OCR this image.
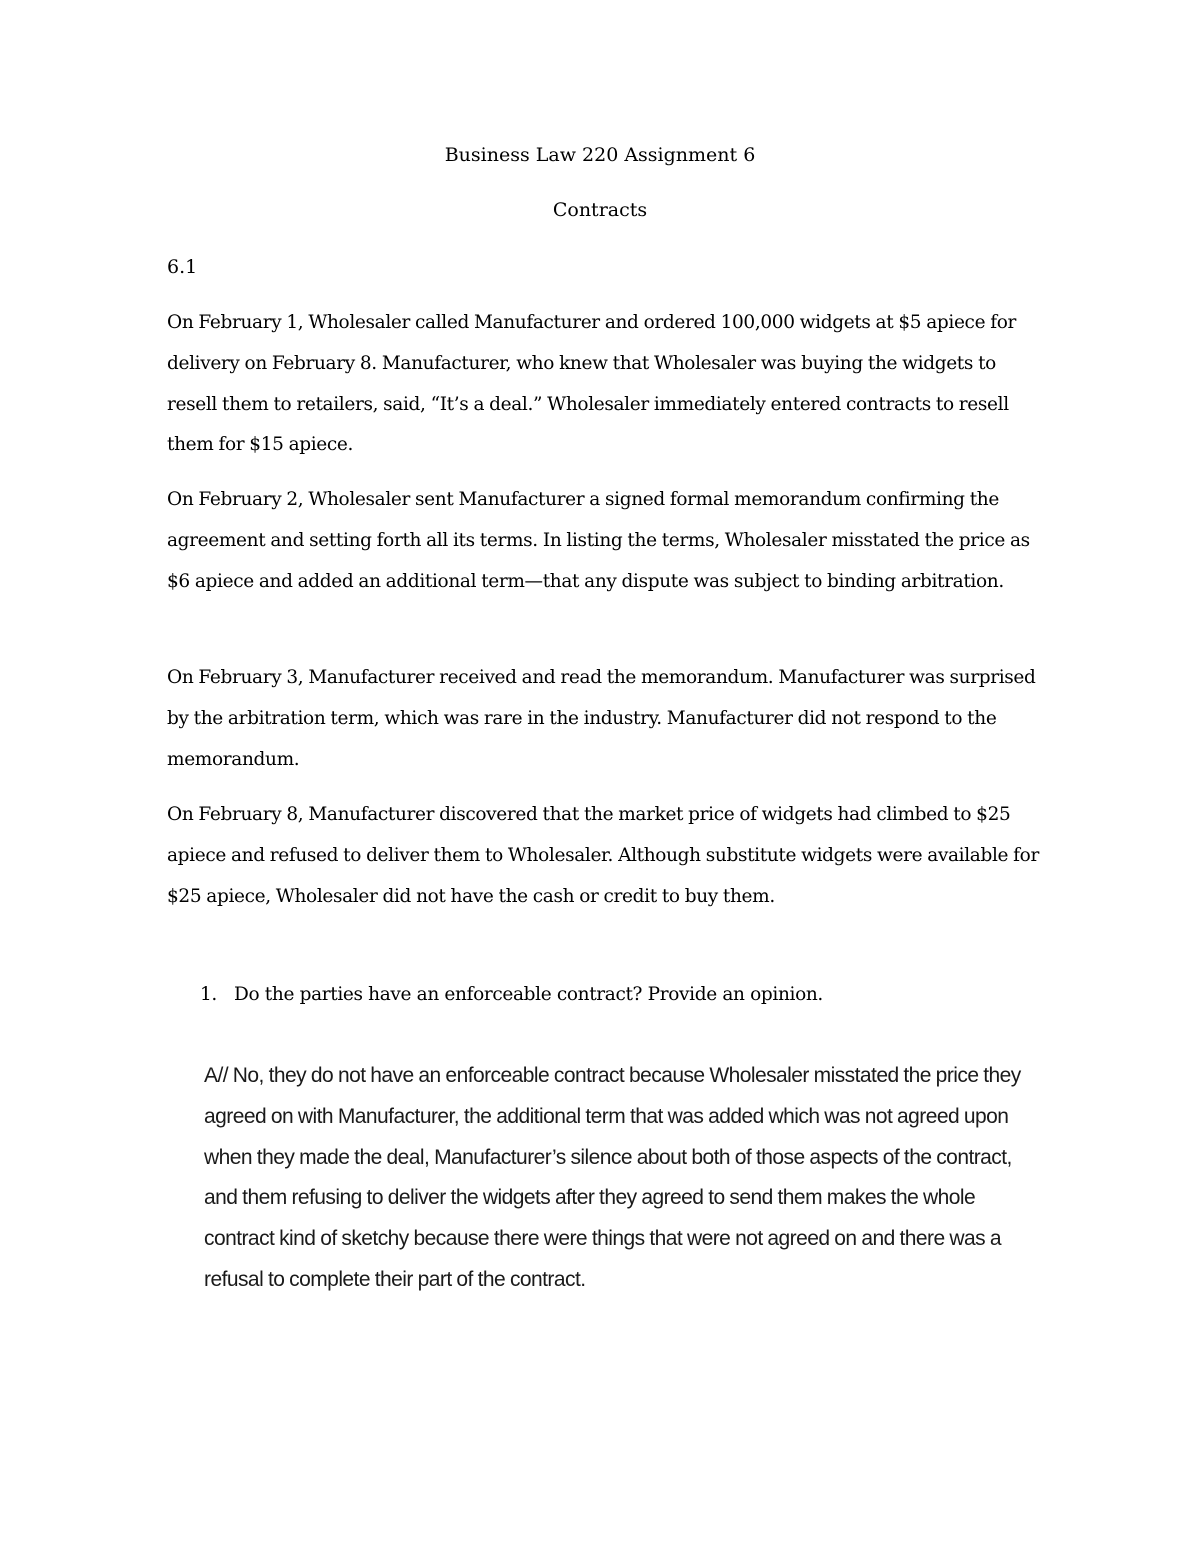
Business Law 220 Assignment 6
Contracts
6.1

On February 1, Wholesaler called Manufacturer and ordered 100,000 widgets at $5 apiece for delivery on February 8. Manufacturer, who knew that Wholesaler was buying the widgets to resell them to retailers, said, “It’s a deal.” Wholesaler immediately entered contracts to resell them for $15 apiece.

On February 2, Wholesaler sent Manufacturer a signed formal memorandum confirming the agreement and setting forth all its terms. In listing the terms, Wholesaler misstated the price as $6 apiece and added an additional term—that any dispute was subject to binding arbitration.

On February 3, Manufacturer received and read the memorandum. Manufacturer was surprised by the arbitration term, which was rare in the industry. Manufacturer did not respond to the memorandum.

On February 8, Manufacturer discovered that the market price of widgets had climbed to $25 apiece and refused to deliver them to Wholesaler. Although substitute widgets were available for $25 apiece, Wholesaler did not have the cash or credit to buy them.

1. Do the parties have an enforceable contract? Provide an opinion.

A// No, they do not have an enforceable contract because Wholesaler misstated the price they agreed on with Manufacturer, the additional term that was added which was not agreed upon when they made the deal, Manufacturer’s silence about both of those aspects of the contract, and them refusing to deliver the widgets after they agreed to send them makes the whole contract kind of sketchy because there were things that were not agreed on and there was a refusal to complete their part of the contract.
